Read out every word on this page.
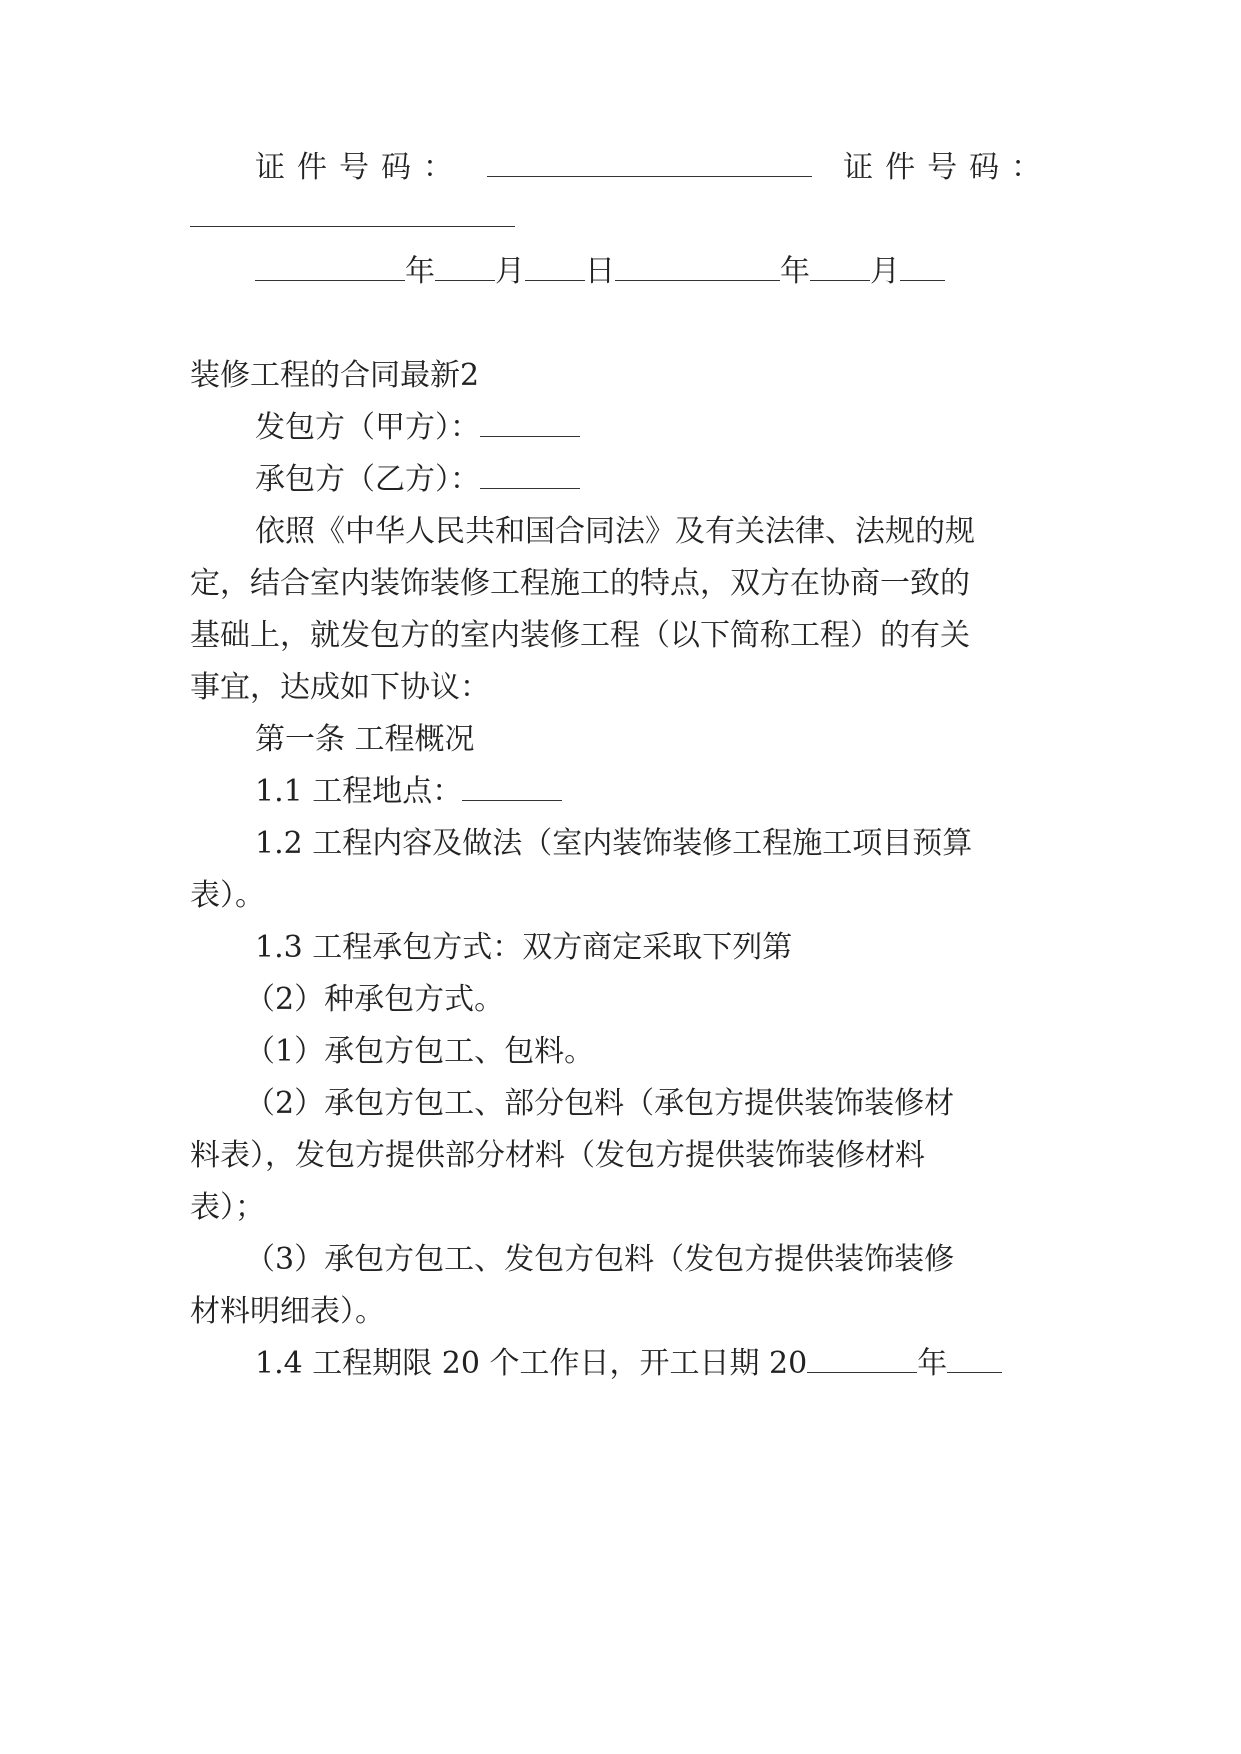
证件号码：	证件号码：
年 月 日	年 月
装修工程的合同最新2
发包方（甲方）：
承包方（乙方）：
依照《中华人民共和国合同法》及有关法律、法规的规
定，结合室内装饰装修工程施工的特点，双方在协商一致的
基础上，就发包方的室内装修工程（以下简称工程）的有关
事宜，达成如下协议：
第一条 工程概况
1.1 工程地点：
1.2 工程内容及做法（室内装饰装修工程施工项目预算
表）。
1.3 工程承包方式：双方商定采取下列第
（2）种承包方式。
（1）承包方包工、包料。
（2）承包方包工、部分包料（承包方提供装饰装修材
料表），发包方提供部分材料（发包方提供装饰装修材料
表）；
（3）承包方包工、发包方包料（发包方提供装饰装修
材料明细表）。
1.4 工程期限 20 个工作日，开工日期 20	年
